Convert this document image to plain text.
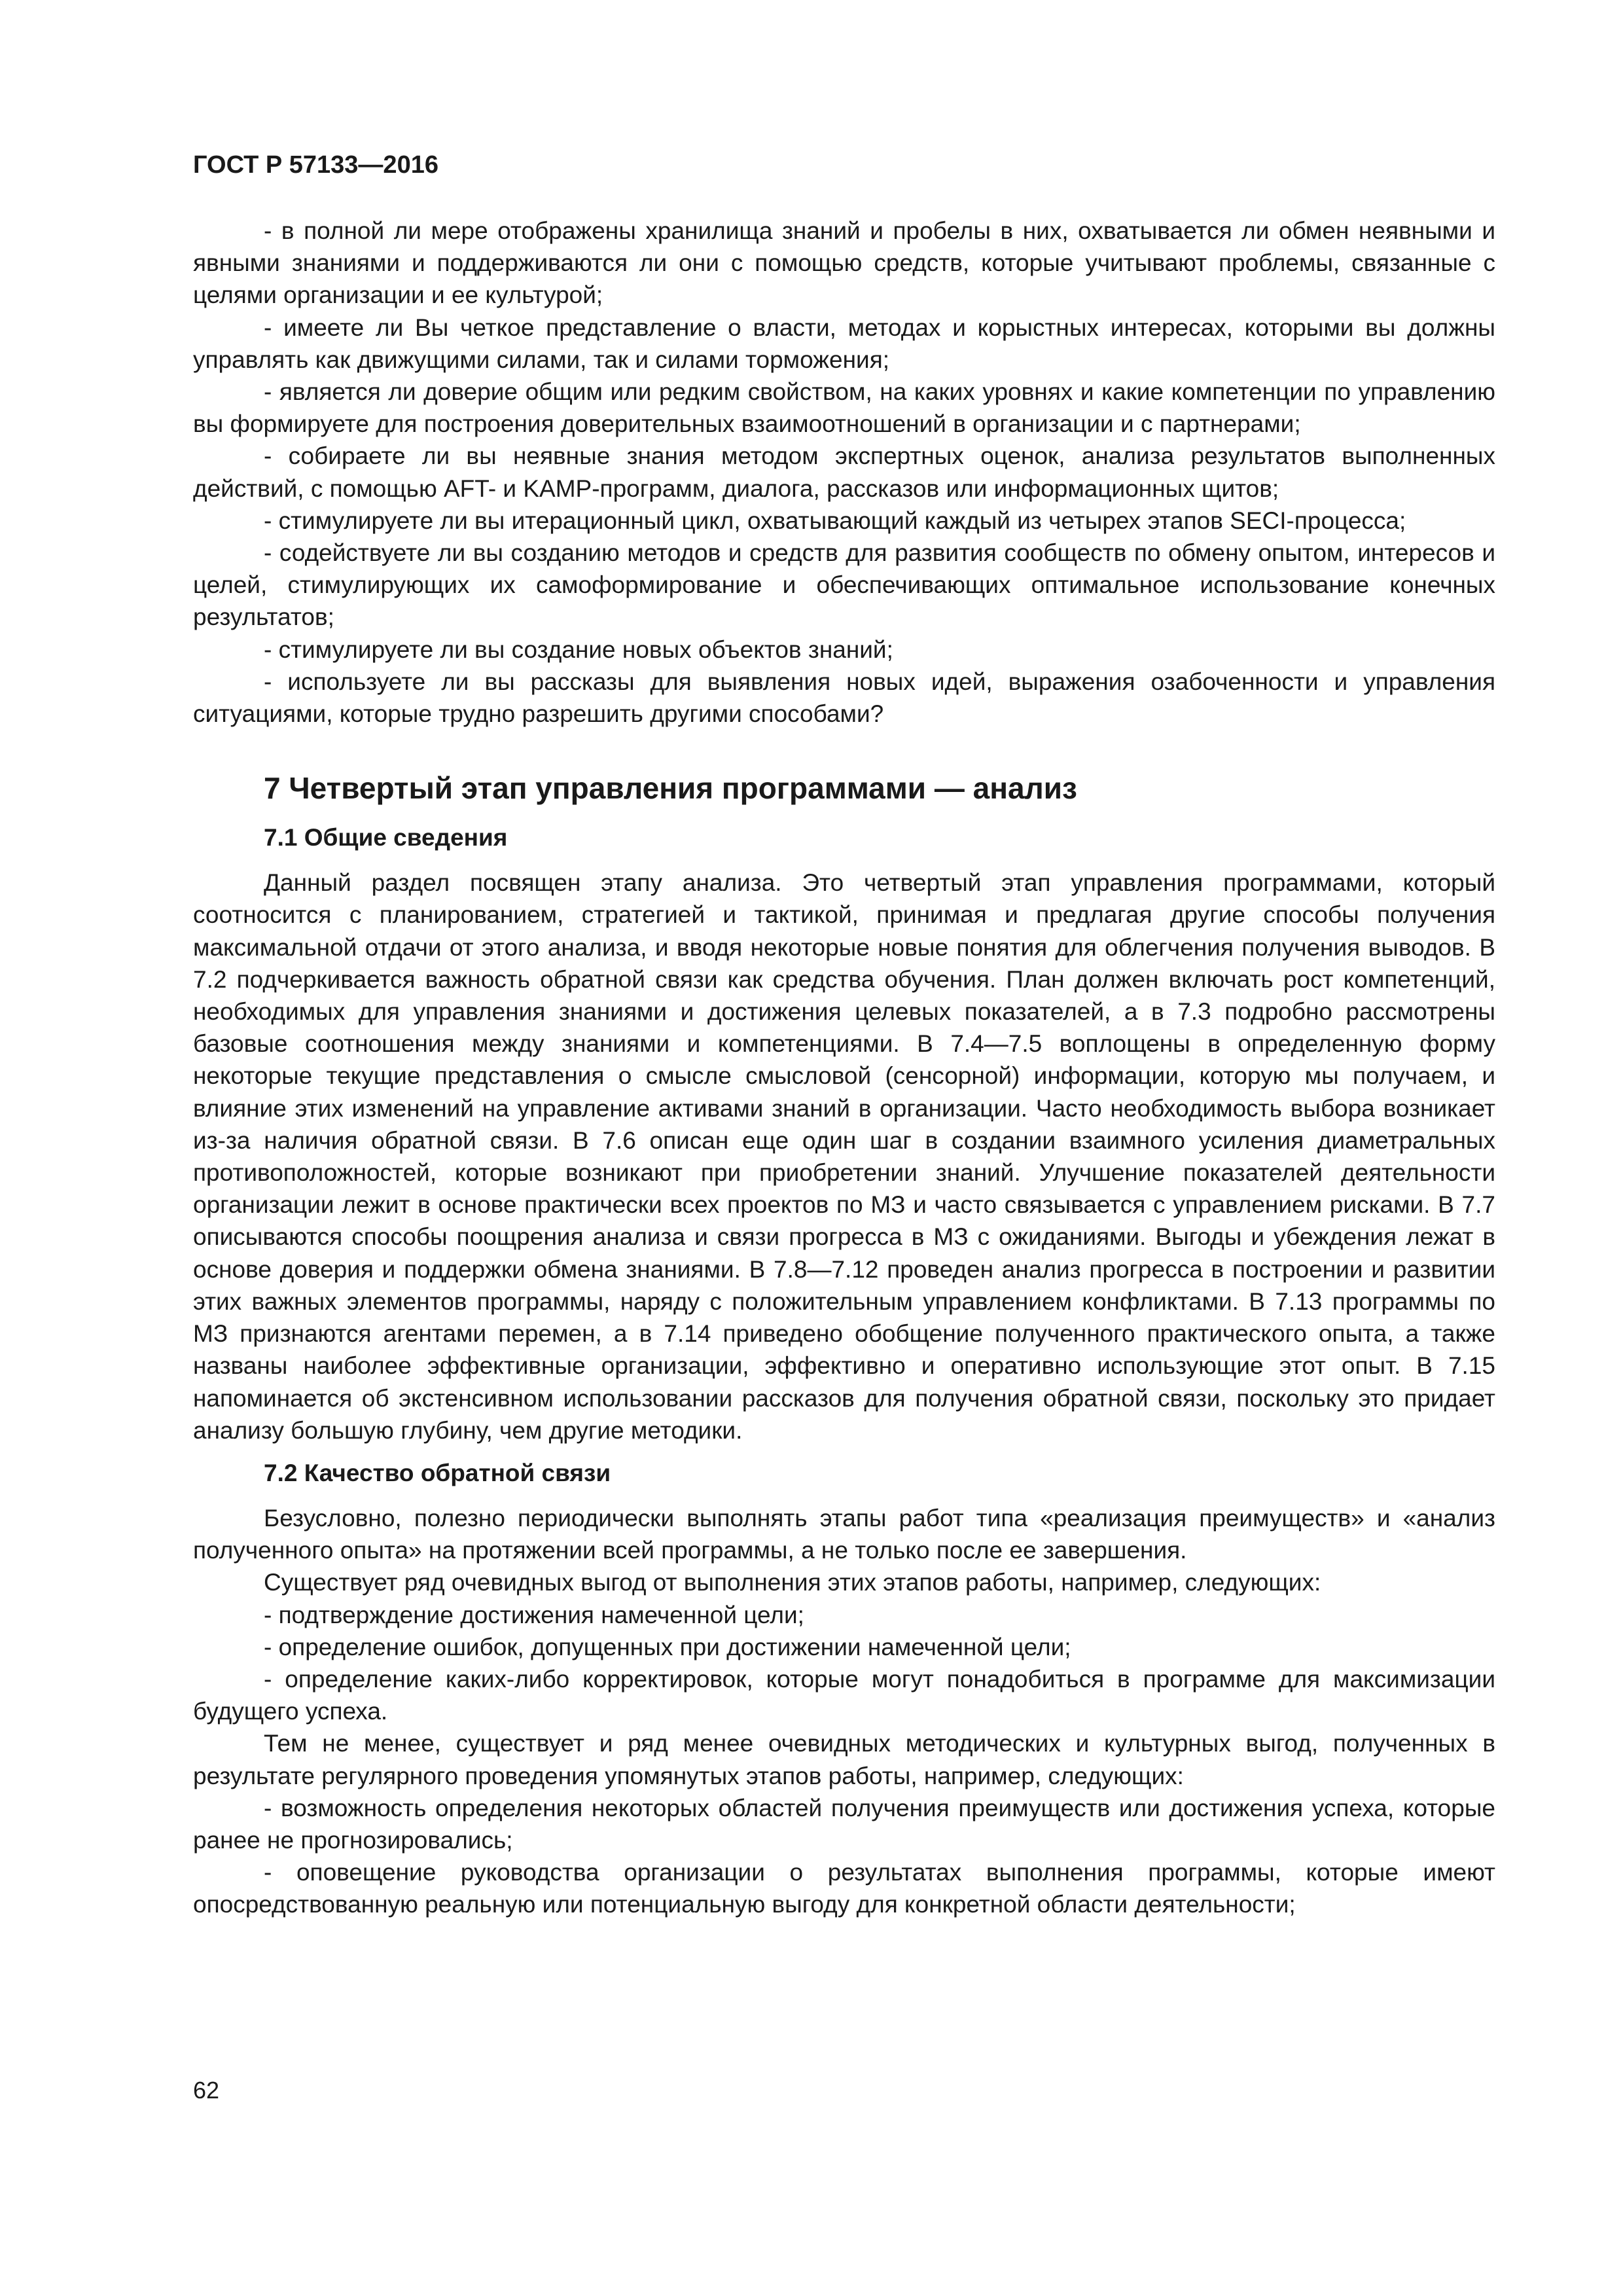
ГОСТ Р 57133—2016

- в полной ли мере отображены хранилища знаний и пробелы в них, охватывается ли обмен неявными и явными знаниями и поддерживаются ли они с помощью средств, которые учитывают проблемы, связанные с целями организации и ее культурой;

- имеете ли Вы четкое представление о власти, методах и корыстных интересах, которыми вы должны управлять как движущими силами, так и силами торможения;

- является ли доверие общим или редким свойством, на каких уровнях и какие компетенции по управлению вы формируете для построения доверительных взаимоотношений в организации и с партнерами;

- собираете ли вы неявные знания методом экспертных оценок, анализа результатов выполненных действий, с помощью AFT- и KAMP-программ, диалога, рассказов или информационных щитов;

- стимулируете ли вы итерационный цикл, охватывающий каждый из четырех этапов SECI-процесса;

- содействуете ли вы созданию методов и средств для развития сообществ по обмену опытом, интересов и целей, стимулирующих их самоформирование и обеспечивающих оптимальное использование конечных результатов;

- стимулируете ли вы создание новых объектов знаний;

- используете ли вы рассказы для выявления новых идей, выражения озабоченности и управления ситуациями, которые трудно разрешить другими способами?

7 Четвертый этап управления программами — анализ
7.1 Общие сведения

Данный раздел посвящен этапу анализа. Это четвертый этап управления программами, который соотносится с планированием, стратегией и тактикой, принимая и предлагая другие способы получения максимальной отдачи от этого анализа, и вводя некоторые новые понятия для облегчения получения выводов. В 7.2 подчеркивается важность обратной связи как средства обучения. План должен включать рост компетенций, необходимых для управления знаниями и достижения целевых показателей, а в 7.3 подробно рассмотрены базовые соотношения между знаниями и компетенциями. В 7.4—7.5 воплощены в определенную форму некоторые текущие представления о смысле смысловой (сенсорной) информации, которую мы получаем, и влияние этих изменений на управление активами знаний в организации. Часто необходимость выбора возникает из-за наличия обратной связи. В 7.6 описан еще один шаг в создании взаимного усиления диаметральных противоположностей, которые возникают при приобретении знаний. Улучшение показателей деятельности организации лежит в основе практически всех проектов по МЗ и часто связывается с управлением рисками. В 7.7 описываются способы поощрения анализа и связи прогресса в МЗ с ожиданиями. Выгоды и убеждения лежат в основе доверия и поддержки обмена знаниями. В 7.8—7.12 проведен анализ прогресса в построении и развитии этих важных элементов программы, наряду с положительным управлением конфликтами. В 7.13 программы по МЗ признаются агентами перемен, а в 7.14 приведено обобщение полученного практического опыта, а также названы наиболее эффективные организации, эффективно и оперативно использующие этот опыт. В 7.15 напоминается об экстенсивном использовании рассказов для получения обратной связи, поскольку это придает анализу большую глубину, чем другие методики.

7.2 Качество обратной связи

Безусловно, полезно периодически выполнять этапы работ типа «реализация преимуществ» и «анализ полученного опыта» на протяжении всей программы, а не только после ее завершения.

Существует ряд очевидных выгод от выполнения этих этапов работы, например, следующих:

- подтверждение достижения намеченной цели;

- определение ошибок, допущенных при достижении намеченной цели;

- определение каких-либо корректировок, которые могут понадобиться в программе для максимизации будущего успеха.

Тем не менее, существует и ряд менее очевидных методических и культурных выгод, полученных в результате регулярного проведения упомянутых этапов работы, например, следующих:

- возможность определения некоторых областей получения преимуществ или достижения успеха, которые ранее не прогнозировались;

- оповещение руководства организации о результатах выполнения программы, которые имеют опосредствованную реальную или потенциальную выгоду для конкретной области деятельности;

62
